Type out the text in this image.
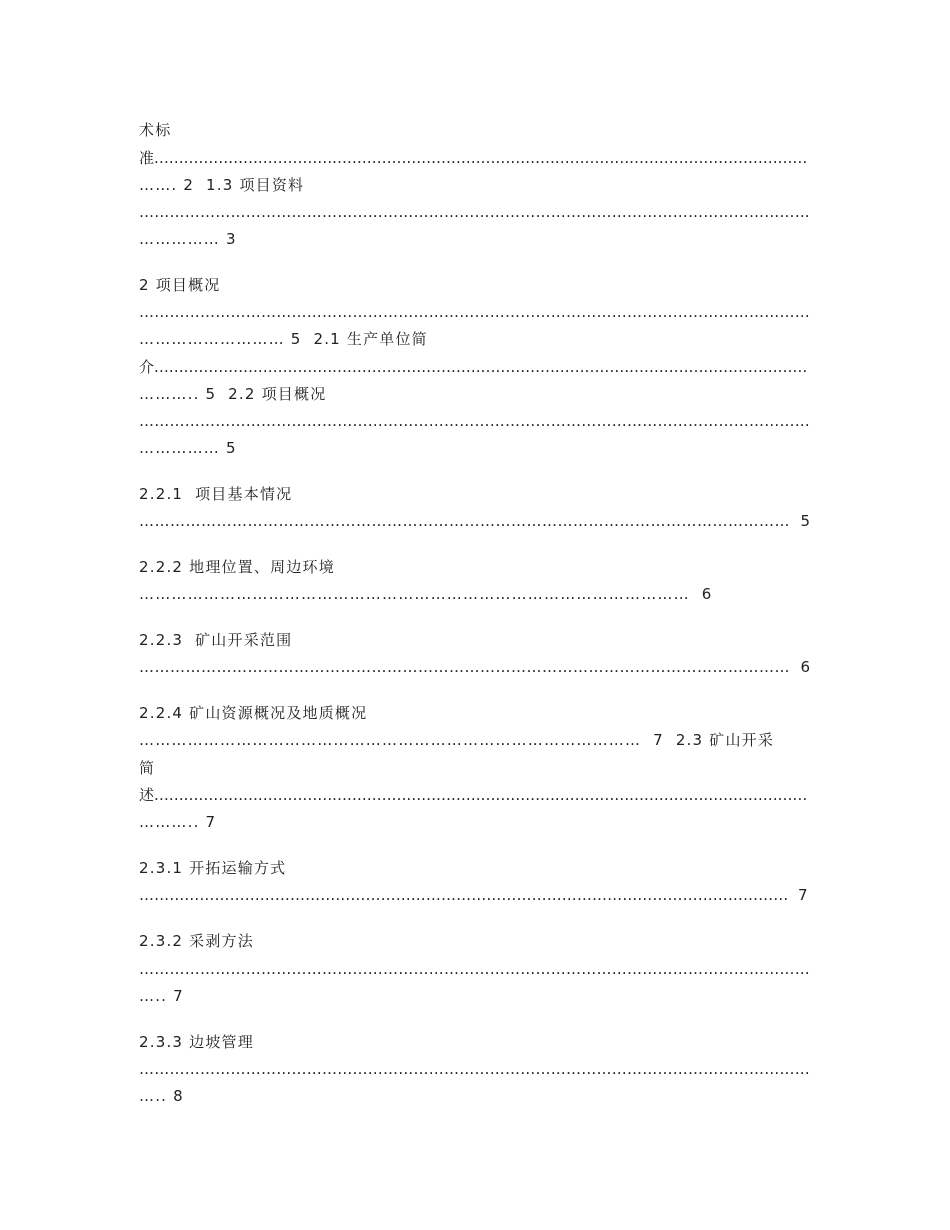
术标
准……………………………………………………………………………………………………………………
……. 2  1.3 项目资料
……………………………………………………………………………………………………………………
…………… 3
2 项目概况
……………………………………………………………………………………………………………………
……………………… 5  2.1 生产单位简
介……………………………………………………………………………………………………………………
……….. 5  2.2 项目概况
……………………………………………………………………………………………………………………
…………… 5
2.2.1  项目基本情况
………………………………………………………………………………………………………………  5
2.2.2 地理位置、周边环境
…………………………………………………………………………………………  6
2.2.3  矿山开采范围
………………………………………………………………………………………………………………  6
2.2.4 矿山资源概况及地质概况
…………………………………………………………………………………  7  2.3 矿山开采
简
述……………………………………………………………………………………………………………………
……….. 7
2.3.1 开拓运输方式
…………………………………………………………………………………………………………………  7
2.3.2 采剥方法
……………………………………………………………………………………………………………………
….. 7
2.3.3 边坡管理
……………………………………………………………………………………………………………………
….. 8
